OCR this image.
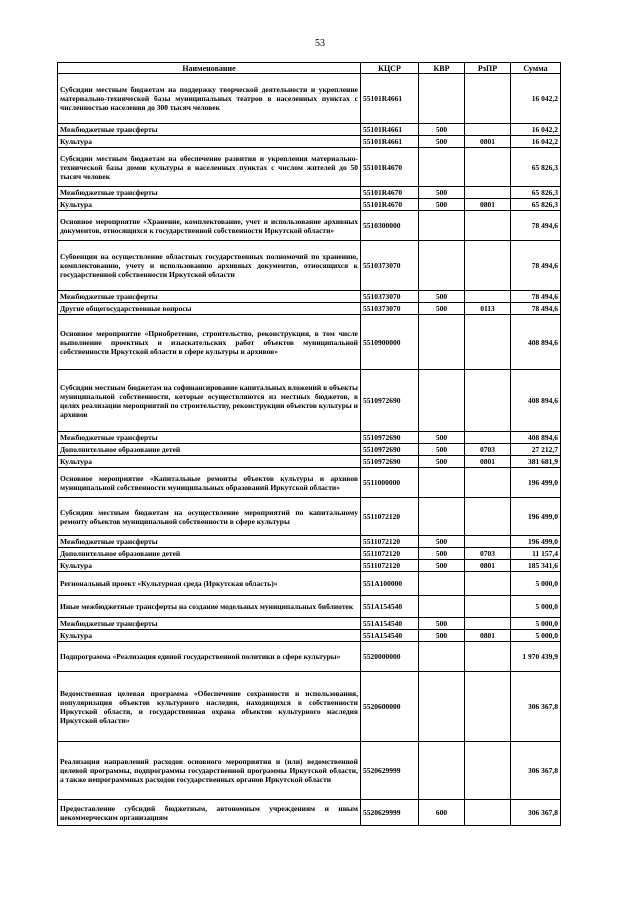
53
Наименование	КЦСР	КВР	РзПР	Сумма
Субсидии местным бюджетам на поддержку творческой деятельности и укрепление материально-технической базы муниципальных театров в населенных пунктах с численностью населения до 300 тысяч человек	55101R4661			16 042,2
Межбюджетные трансферты	55101R4661	500		16 042,2
Культура	55101R4661	500	0801	16 042,2
Субсидии местным бюджетам на обеспечение развития и укрепления материально-технической базы домов культуры в населенных пунктах с числом жителей до 50 тысяч человек	55101R4670			65 826,3
Межбюджетные трансферты	55101R4670	500		65 826,3
Культура	55101R4670	500	0801	65 826,3
Основное мероприятие «Хранение, комплектование, учет и использование архивных документов, относящихся к государственной собственности Иркутской области»	5510300000			78 494,6
Субвенции на осуществление областных государственных полномочий по хранению, комплектованию, учету и использованию архивных документов, относящихся к государственной собственности Иркутской области	5510373070			78 494,6
Межбюджетные трансферты	5510373070	500		78 494,6
Другие общегосударственные вопросы	5510373070	500	0113	78 494,6
Основное мероприятие «Приобретение, строительство, реконструкция, в том числе выполнение проектных и изыскательских работ объектов муниципальной собственности Иркутской области в сфере культуры и архивов»	5510900000			408 894,6
Субсидии местным бюджетам на софинансирование капитальных вложений в объекты муниципальной собственности, которые осуществляются из местных бюджетов, в целях реализации мероприятий по строительству, реконструкции объектов культуры и архивов	5510972690			408 894,6
Межбюджетные трансферты	5510972690	500		408 894,6
Дополнительное образование детей	5510972690	500	0703	27 212,7
Культура	5510972690	500	0801	381 681,9
Основное мероприятие «Капитальные ремонты объектов культуры и архивов муниципальной собственности муниципальных образований Иркутской области»	5511000000			196 499,0
Субсидии местным бюджетам на осуществление мероприятий по капитальному ремонту объектов муниципальной собственности в сфере культуры	5511072120			196 499,0
Межбюджетные трансферты	5511072120	500		196 499,0
Дополнительное образование детей	5511072120	500	0703	11 157,4
Культура	5511072120	500	0801	185 341,6
Региональный проект «Культурная среда (Иркутская область)»	551A100000			5 000,0
Иные межбюджетные трансферты на создание модельных муниципальных библиотек	551A154540			5 000,0
Межбюджетные трансферты	551A154540	500		5 000,0
Культура	551A154540	500	0801	5 000,0
Подпрограмма «Реализация единой государственной политики в сфере культуры»	5520000000			1 970 439,9
Ведомственная целевая программа «Обеспечение сохранности и использования, популяризация объектов культурного наследия, находящихся в собственности Иркутской области, и государственная охрана объектов культурного наследия Иркутской области»	5520600000			306 367,8
Реализация направлений расходов основного мероприятия и (или) ведомственной целевой программы, подпрограммы государственной программы Иркутской области, а также непрограммных расходов государственных органов Иркутской области	5520629999			306 367,8
Предоставление субсидий бюджетным, автономным учреждениям и иным некоммерческим организациям	5520629999	600		306 367,8
